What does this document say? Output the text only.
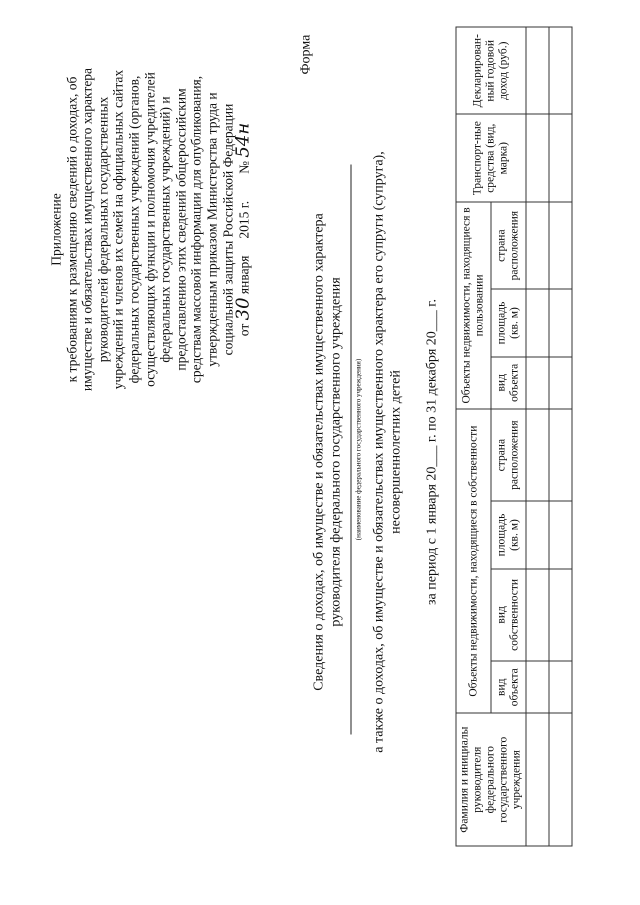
Приложение к требованиям к размещению сведений о доходах, об имуществе и обязательствах имущественного характера руководителей федеральных государственных учреждений и членов их семей на официальных сайтах федеральных государственных учреждений (органов, осуществляющих функции и полномочия учредителей федеральных государственных учреждений) и предоставлению этих сведений общероссийским средствам массовой информации для опубликования, утвержденным приказом Министерства труда и социальной защиты Российской Федерации от 30 января     2015 г.        № 54н
Форма
Сведения о доходах, об имуществе и обязательствах имущественного характера руководителя федерального государственного учреждения (наименование федерального государственного учреждения) а также о доходах, об имуществе и обязательствах имущественного характера его супруги (супруга), несовершеннолетних детей за период с 1 января 20___ г. по 31 декабря 20___ г.
Фамилия и инициалы руководителя федерального государственного учреждения	Объекты недвижимости, находящиеся в собственности				Объекты недвижимости, находящиеся в пользовании			Транспорт-ные средства (вид, марка)	Декларирован-ный годовой доход (руб.)
	вид объекта	вид собственности	площадь (кв. м)	страна расположения	вид объекта	площадь (кв. м)	страна расположения		
